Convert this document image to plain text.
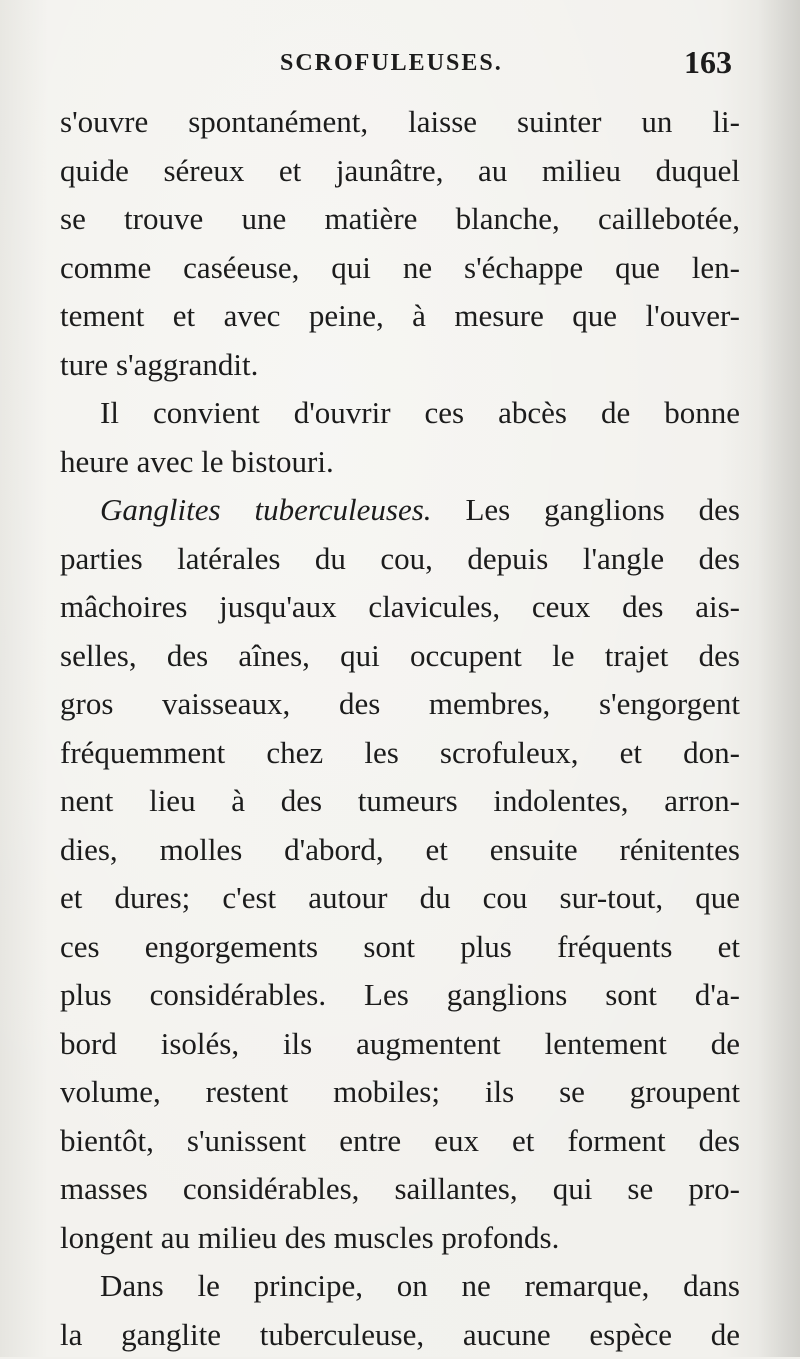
SCROFULEUSES.	163
s'ouvre spontanément, laisse suinter un li-
quide séreux et jaunâtre, au milieu duquel
se trouve une matière blanche, caillebotée,
comme caséeuse, qui ne s'échappe que len-
tement et avec peine, à mesure que l'ouver-
ture s'aggrandit.
Il convient d'ouvrir ces abcès de bonne
heure avec le bistouri.
Ganglites tuberculeuses. Les ganglions des
parties latérales du cou, depuis l'angle des
mâchoires jusqu'aux clavicules, ceux des ais-
selles, des aînes, qui occupent le trajet des
gros vaisseaux, des membres, s'engorgent
fréquemment chez les scrofuleux, et don-
nent lieu à des tumeurs indolentes, arron-
dies, molles d'abord, et ensuite rénitentes
et dures; c'est autour du cou sur-tout, que
ces engorgements sont plus fréquents et
plus considérables. Les ganglions sont d'a-
bord isolés, ils augmentent lentement de
volume, restent mobiles; ils se groupent
bientôt, s'unissent entre eux et forment des
masses considérables, saillantes, qui se pro-
longent au milieu des muscles profonds.
Dans le principe, on ne remarque, dans
la ganglite tuberculeuse, aucune espèce de
